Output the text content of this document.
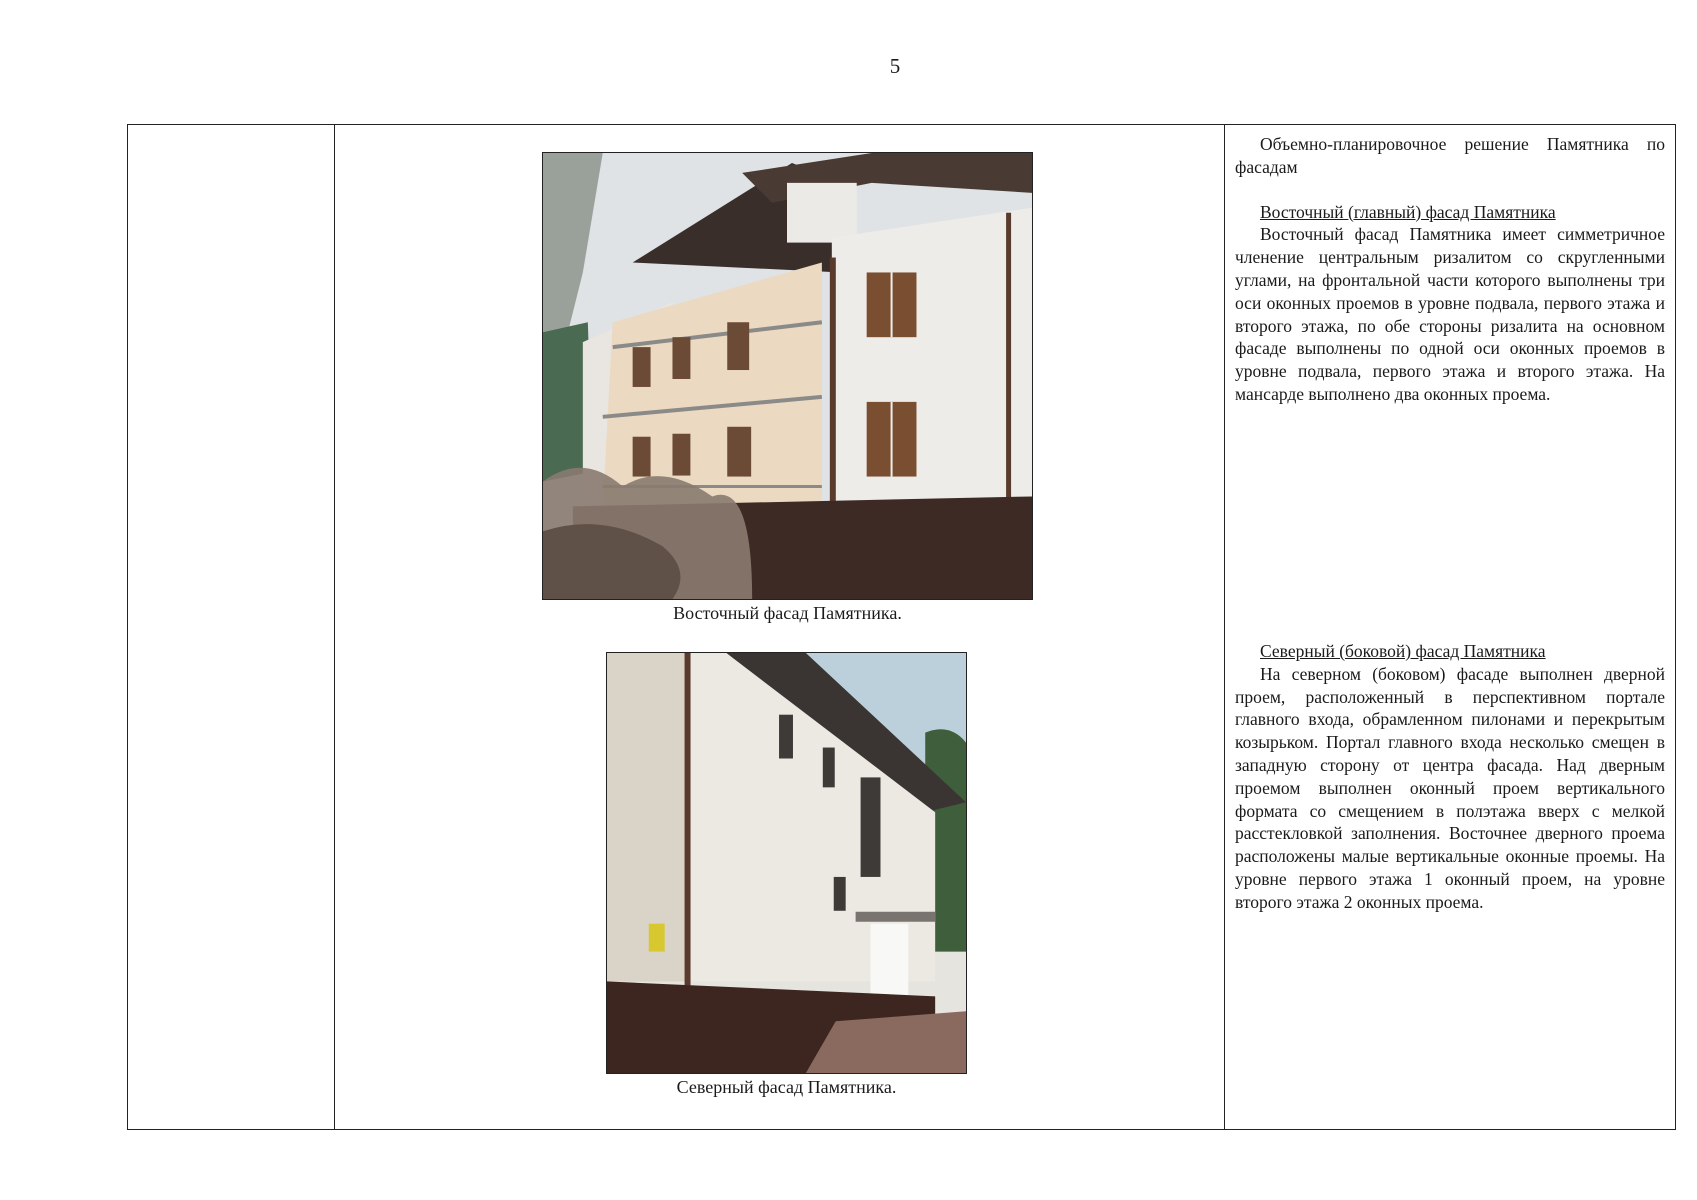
5
Восточный фасад Памятника.
Северный фасад Памятника.

Объемно-планировочное решение Памятника по фасадам

Восточный (главный) фасад Памятника

Восточный фасад Памятника имеет симметричное членение центральным ризалитом со скругленными углами, на фронтальной части которого выполнены три оси оконных проемов в уровне подвала, первого этажа и второго этажа, по обе стороны ризалита на основном фасаде выполнены по одной оси оконных проемов в уровне подвала, первого этажа и второго этажа. На мансарде выполнено два оконных проема.

Северный (боковой) фасад Памятника

На северном (боковом) фасаде выполнен дверной проем, расположенный в перспективном портале главного входа, обрамленном пилонами и перекрытым козырьком. Портал главного входа несколько смещен в западную сторону от центра фасада. Над дверным проемом выполнен оконный проем вертикального формата со смещением в полэтажа вверх с мелкой расстекловкой заполнения. Восточнее дверного проема расположены малые вертикальные оконные проемы. На уровне первого этажа 1 оконный проем, на уровне второго этажа 2 оконных проема.
